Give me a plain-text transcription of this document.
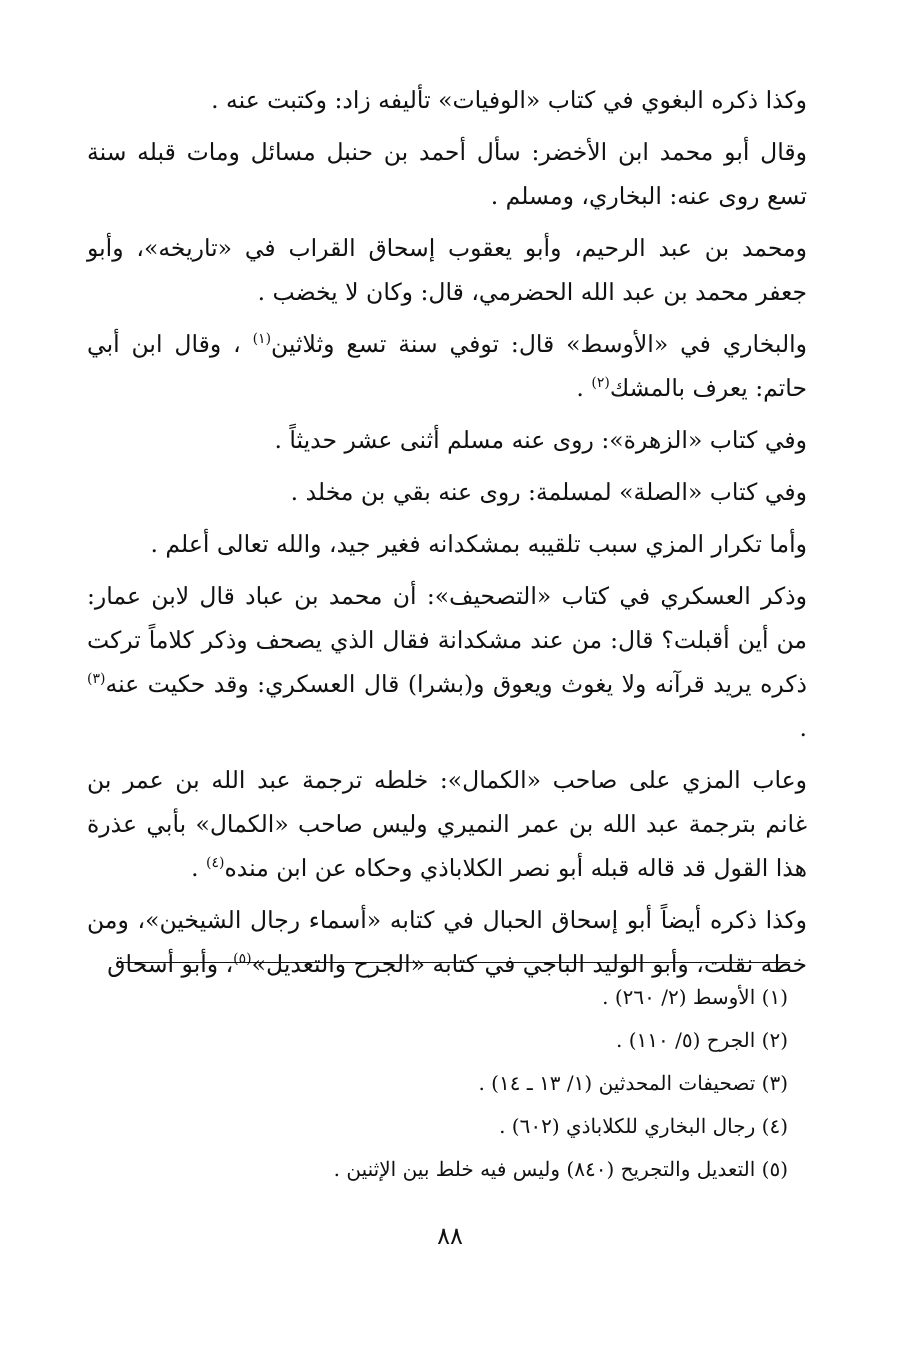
وكذا ذكره البغوي في كتاب «الوفيات» تأليفه زاد: وكتبت عنه .

وقال أبو محمد ابن الأخضر: سأل أحمد بن حنبل مسائل ومات قبله سنة تسع روى عنه: البخاري، ومسلم .

ومحمد بن عبد الرحيم، وأبو يعقوب إسحاق القراب في «تاريخه»، وأبو جعفر محمد بن عبد الله الحضرمي، قال: وكان لا يخضب .

والبخاري في «الأوسط» قال: توفي سنة تسع وثلاثين$^{(١)}$ ، وقال ابن أبي حاتم: يعرف بالمشك$^{(٢)}$ .

وفي كتاب «الزهرة»: روى عنه مسلم أثنى عشر حديثاً .

وفي كتاب «الصلة» لمسلمة: روى عنه بقي بن مخلد .

وأما تكرار المزي سبب تلقيبه بمشكدانه فغير جيد، والله تعالى أعلم .

وذكر العسكري في كتاب «التصحيف»: أن محمد بن عباد قال لابن عمار: من أين أقبلت؟ قال: من عند مشكدانة فقال الذي يصحف وذكر كلاماً تركت ذكره يريد قرآنه ولا يغوث ويعوق و(بشرا) قال العسكري: وقد حكيت عنه$^{(٣)}$ .

وعاب المزي على صاحب «الكمال»: خلطه ترجمة عبد الله بن عمر بن غانم بترجمة عبد الله بن عمر النميري وليس صاحب «الكمال» بأبي عذرة هذا القول قد قاله قبله أبو نصر الكلاباذي وحكاه عن ابن منده$^{(٤)}$ .

وكذا ذكره أيضاً أبو إسحاق الحبال في كتابه «أسماء رجال الشيخين»، ومن خطه نقلت، وأبو الوليد الباجي في كتابه «الجرح والتعديل»$^{(٥)}$، وأبو أسحاق

(١) الأوسط (٢/ ٢٦٠) .

(٢) الجرح (٥/ ١١٠) .

(٣) تصحيفات المحدثين (١/ ١٣ ـ ١٤) .

(٤) رجال البخاري للكلاباذي (٦٠٢) .

(٥) التعديل والتجريح (٨٤٠) وليس فيه خلط بين الإثنين .

٨٨
